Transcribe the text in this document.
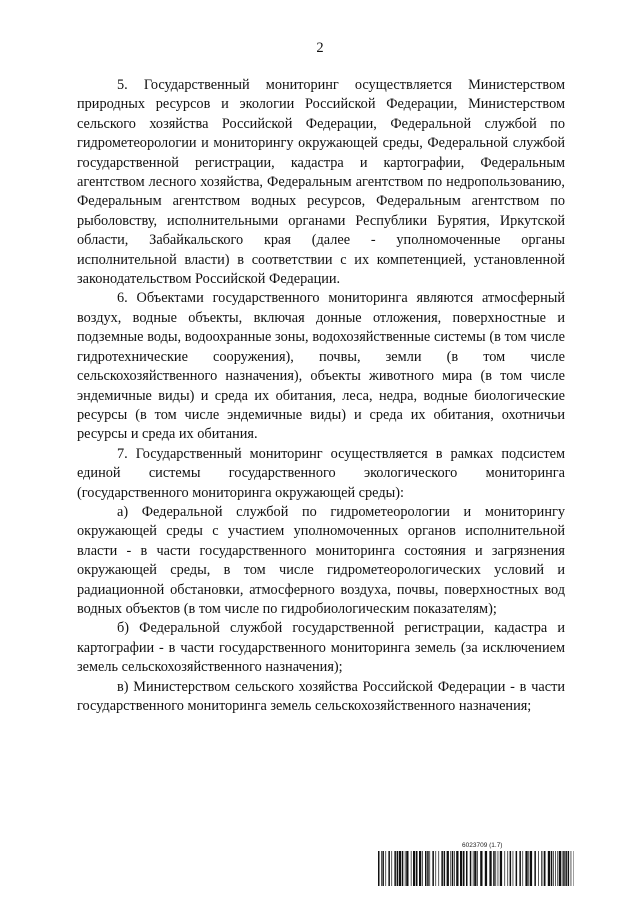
2

5. Государственный мониторинг осуществляется Министерством природных ресурсов и экологии Российской Федерации, Министерством сельского хозяйства Российской Федерации, Федеральной службой по гидрометеорологии и мониторингу окружающей среды, Федеральной службой государственной регистрации, кадастра и картографии, Федеральным агентством лесного хозяйства, Федеральным агентством по недропользованию, Федеральным агентством водных ресурсов, Федеральным агентством по рыболовству, исполнительными органами Республики Бурятия, Иркутской области, Забайкальского края (далее - уполномоченные органы исполнительной власти) в соответствии с их компетенцией, установленной законодательством Российской Федерации.

6. Объектами государственного мониторинга являются атмосферный воздух, водные объекты, включая донные отложения, поверхностные и подземные воды, водоохранные зоны, водохозяйственные системы (в том числе гидротехнические сооружения), почвы, земли (в том числе сельскохозяйственного назначения), объекты животного мира (в том числе эндемичные виды) и среда их обитания, леса, недра, водные биологические ресурсы (в том числе эндемичные виды) и среда их обитания, охотничьи ресурсы и среда их обитания.

7. Государственный мониторинг осуществляется в рамках подсистем единой системы государственного экологического мониторинга (государственного мониторинга окружающей среды):

а) Федеральной службой по гидрометеорологии и мониторингу окружающей среды с участием уполномоченных органов исполнительной власти - в части государственного мониторинга состояния и загрязнения окружающей среды, в том числе гидрометеорологических условий и радиационной обстановки, атмосферного воздуха, почвы, поверхностных вод водных объектов (в том числе по гидробиологическим показателям);

б) Федеральной службой государственной регистрации, кадастра и картографии - в части государственного мониторинга земель (за исключением земель сельскохозяйственного назначения);

в) Министерством сельского хозяйства Российской Федерации - в части государственного мониторинга земель сельскохозяйственного назначения;

6023709 (1.7)
